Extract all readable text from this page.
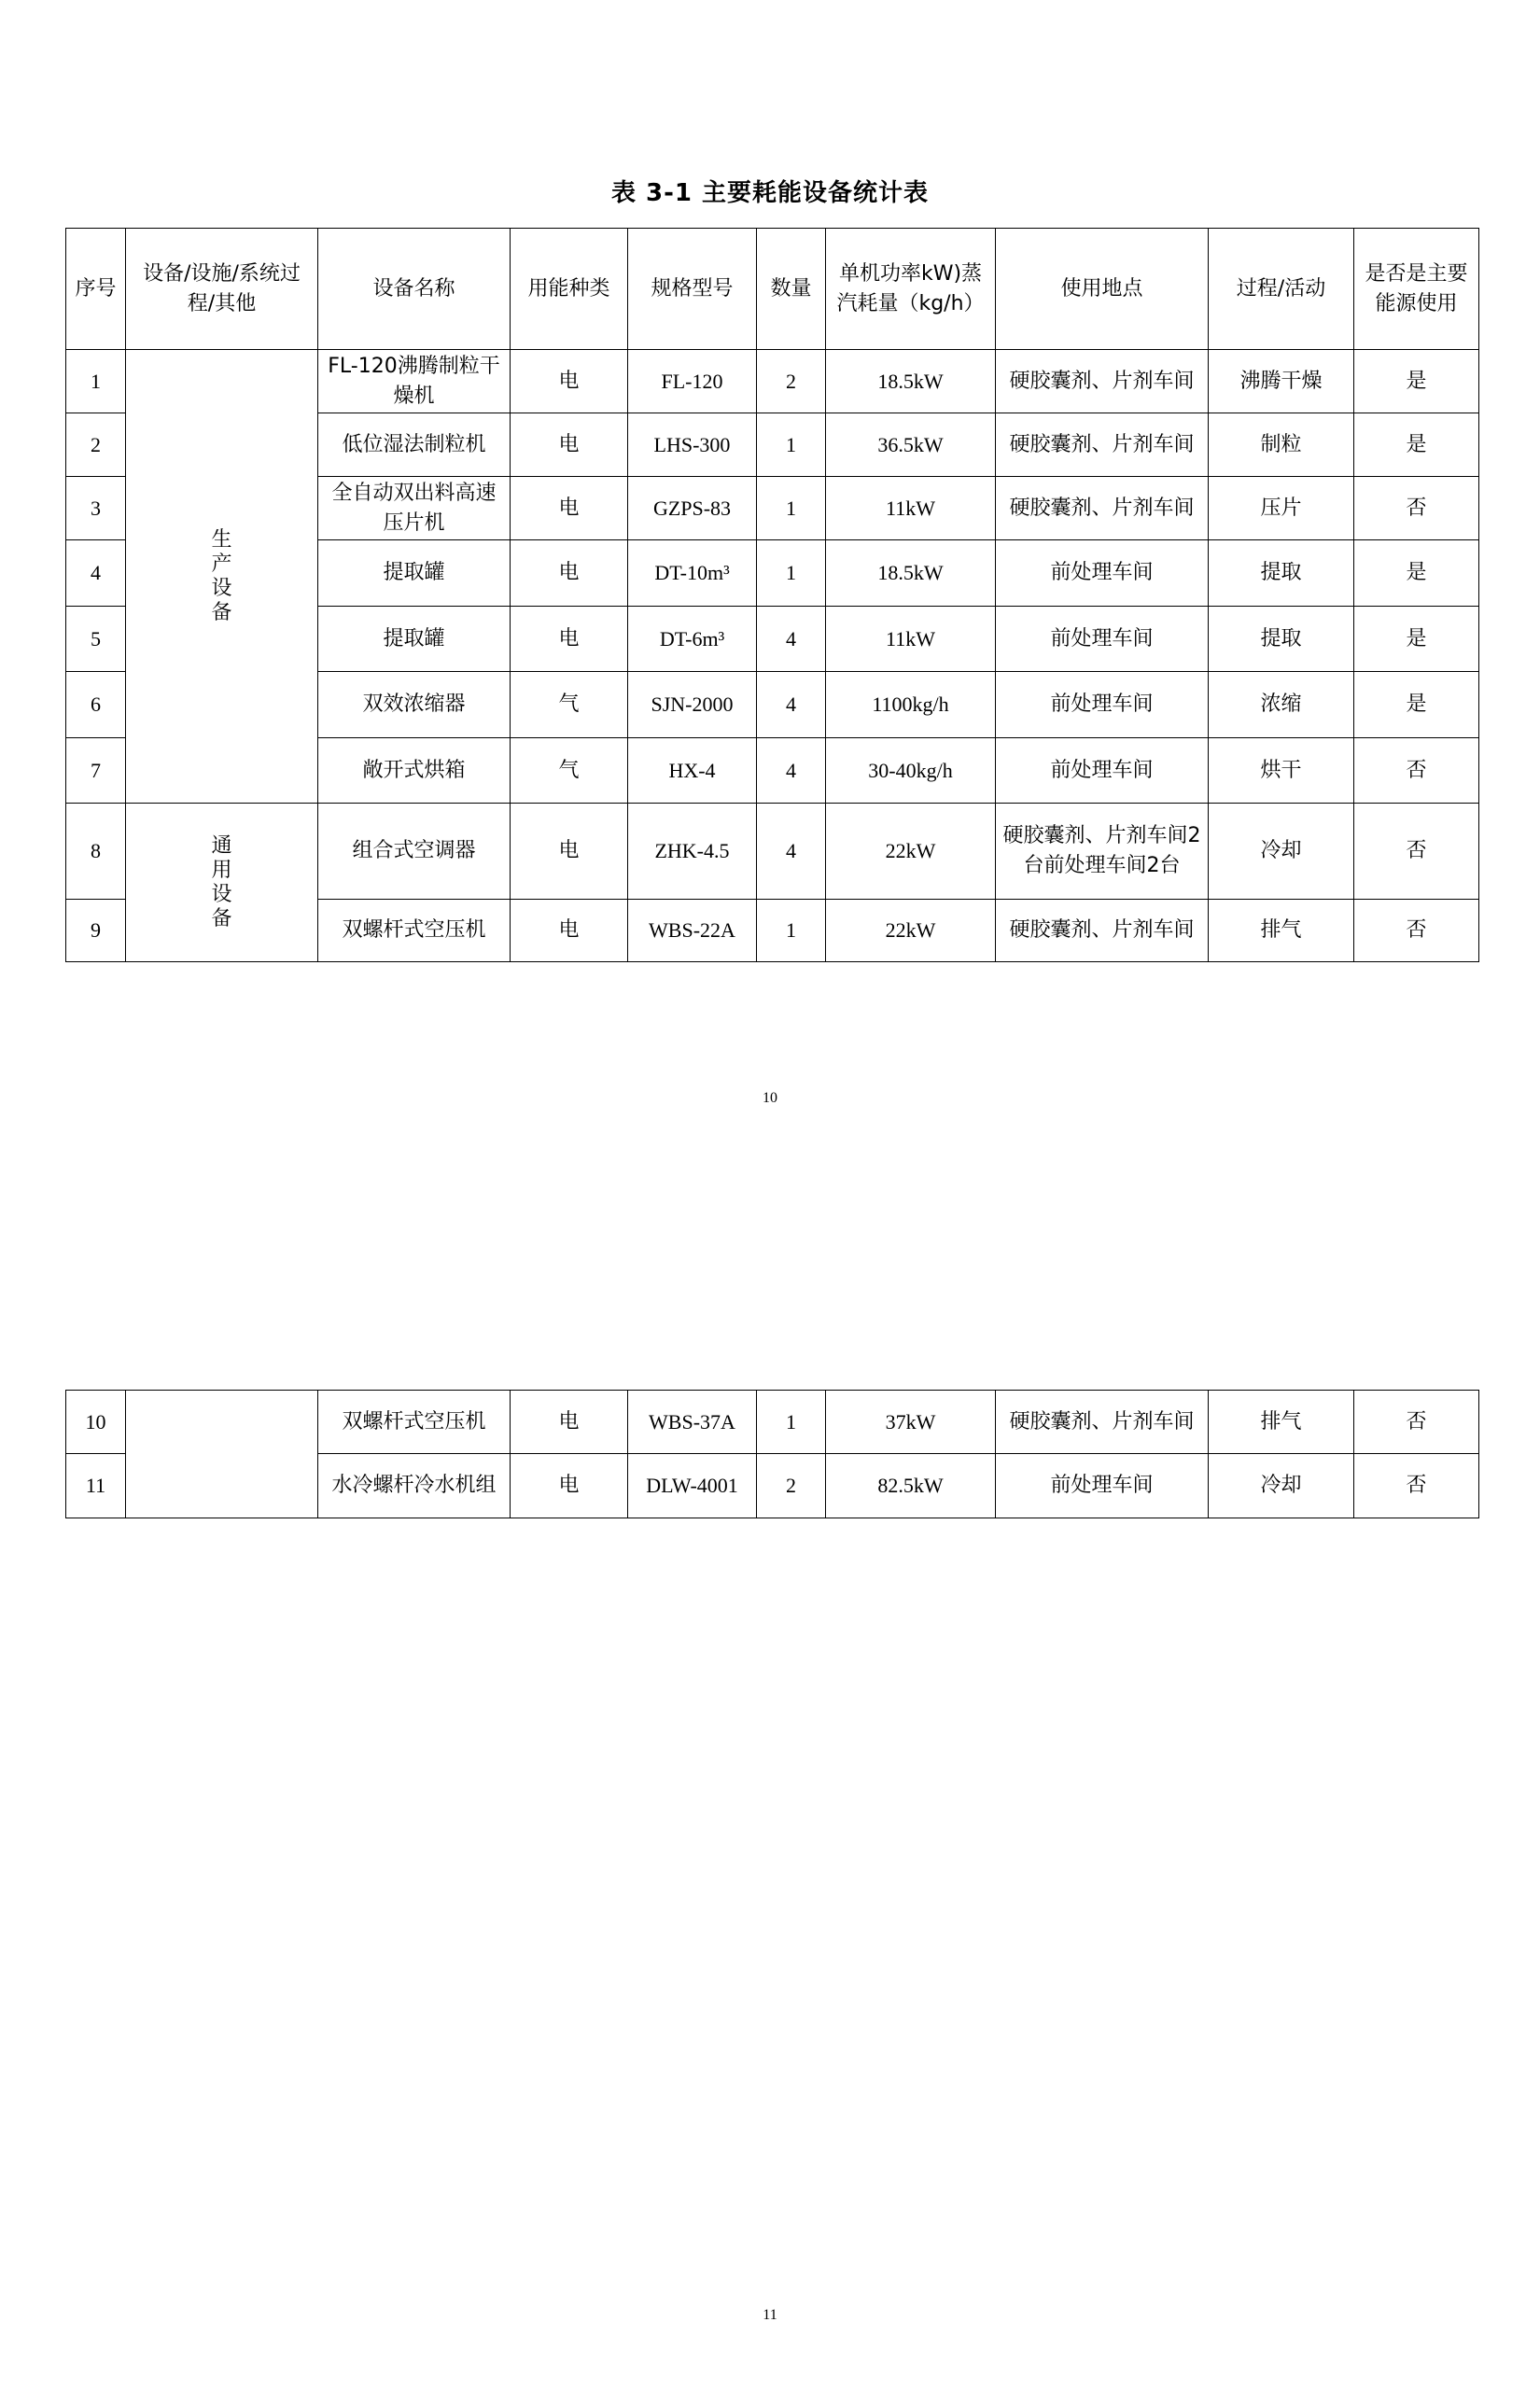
表 3-1 主要耗能设备统计表
序号	设备/设施/系统过程/其他	设备名称	用能种类	规格型号	数量	单机功率kW)蒸汽耗量（kg/h）	使用地点	过程/活动	是否是主要能源使用
1	生产设备	FL-120沸腾制粒干燥机	电	FL-120	2	18.5kW	硬胶囊剂、片剂车间	沸腾干燥	是
2		低位湿法制粒机	电	LHS-300	1	36.5kW	硬胶囊剂、片剂车间	制粒	是
3		全自动双出料高速压片机	电	GZPS-83	1	11kW	硬胶囊剂、片剂车间	压片	否
4		提取罐	电	DT-10m³	1	18.5kW	前处理车间	提取	是
5		提取罐	电	DT-6m³	4	11kW	前处理车间	提取	是
6		双效浓缩器	气	SJN-2000	4	1100kg/h	前处理车间	浓缩	是
7		敞开式烘箱	气	HX-4	4	30-40kg/h	前处理车间	烘干	否
8	通用设备	组合式空调器	电	ZHK-4.5	4	22kW	硬胶囊剂、片剂车间2台前处理车间2台	冷却	否
9		双螺杆式空压机	电	WBS-22A	1	22kW	硬胶囊剂、片剂车间	排气	否
10
10		双螺杆式空压机	电	WBS-37A	1	37kW	硬胶囊剂、片剂车间	排气	否
11		水冷螺杆冷水机组	电	DLW-4001	2	82.5kW	前处理车间	冷却	否
11
